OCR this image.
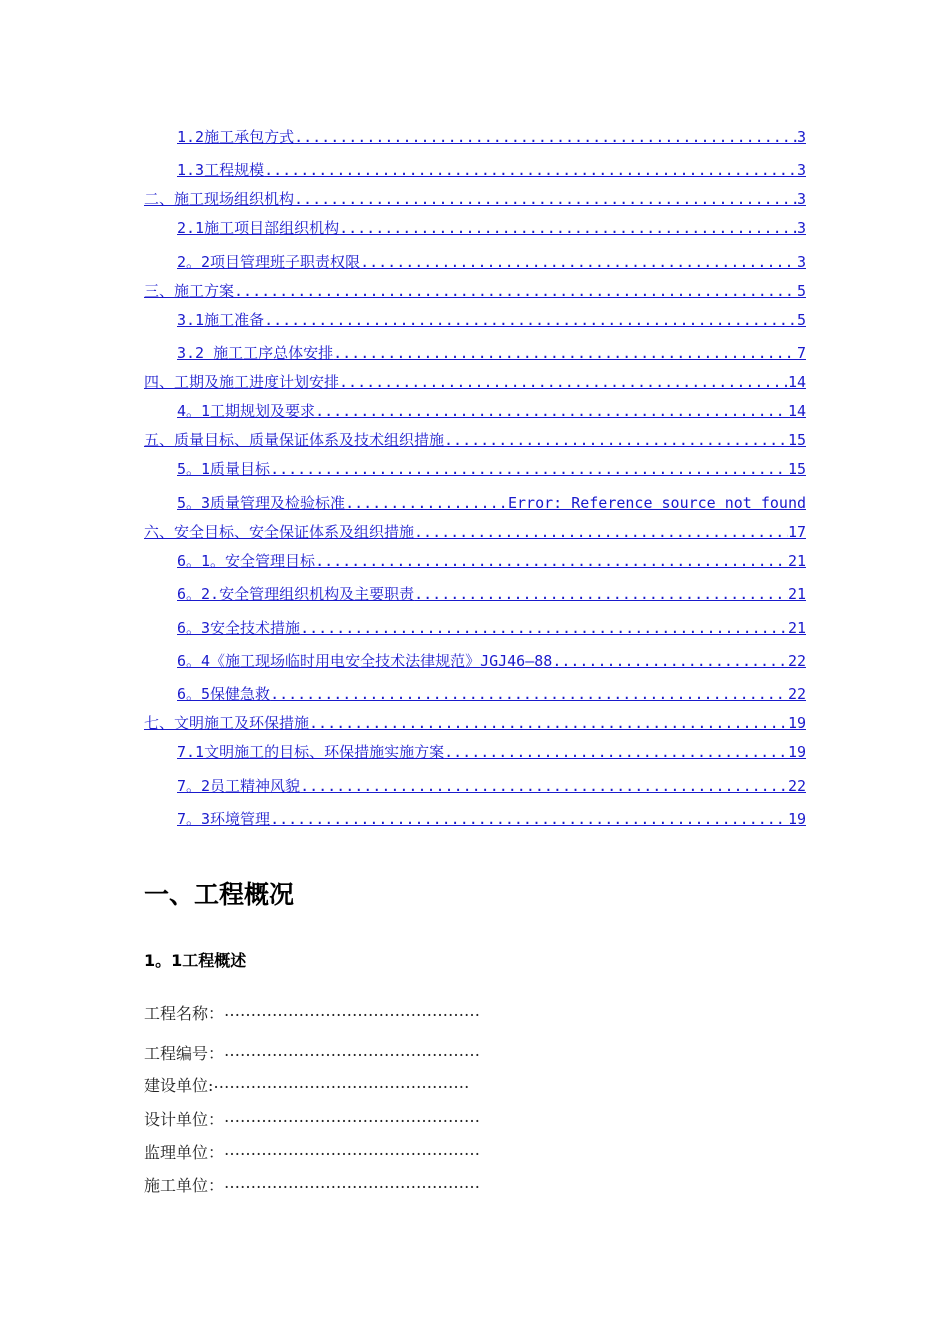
1.2施工承包方式 .....	3
1.3工程规模 .....	3
二、施工现场组织机构 .....	3
2.1施工项目部组织机构 .....	3
2。2项目管理班子职责权限 .....	3
三、施工方案 .....	5
3.1施工准备 .....	5
3.2 施工工序总体安排 .....	7
四、工期及施工进度计划安排 .....	14
4。1工期规划及要求 .....	14
五、质量目标、质量保证体系及技术组织措施 .....	15
5。1质量目标 .....	15
5。3质量管理及检验标准 .....	Error: Reference source not found
六、安全目标、安全保证体系及组织措施 .....	17
6。1。安全管理目标 .....	21
6。2.安全管理组织机构及主要职责 .....	21
6。3安全技术措施 .....	21
6。4《施工现场临时用电安全技术法律规范》JGJ46—88 .....	22
6。5保健急救 .....	22
七、文明施工及环保措施 .....	19
7.1文明施工的目标、环保措施实施方案 .....	19
7。2员工精神风貌 .....	22
7。3环境管理 .....	19
一、工程概况
1。1工程概述
工程名称： …………………………………………
工程编号： …………………………………………
建设单位: …………………………………………
设计单位： …………………………………………
监理单位： …………………………………………
施工单位： …………………………………………
